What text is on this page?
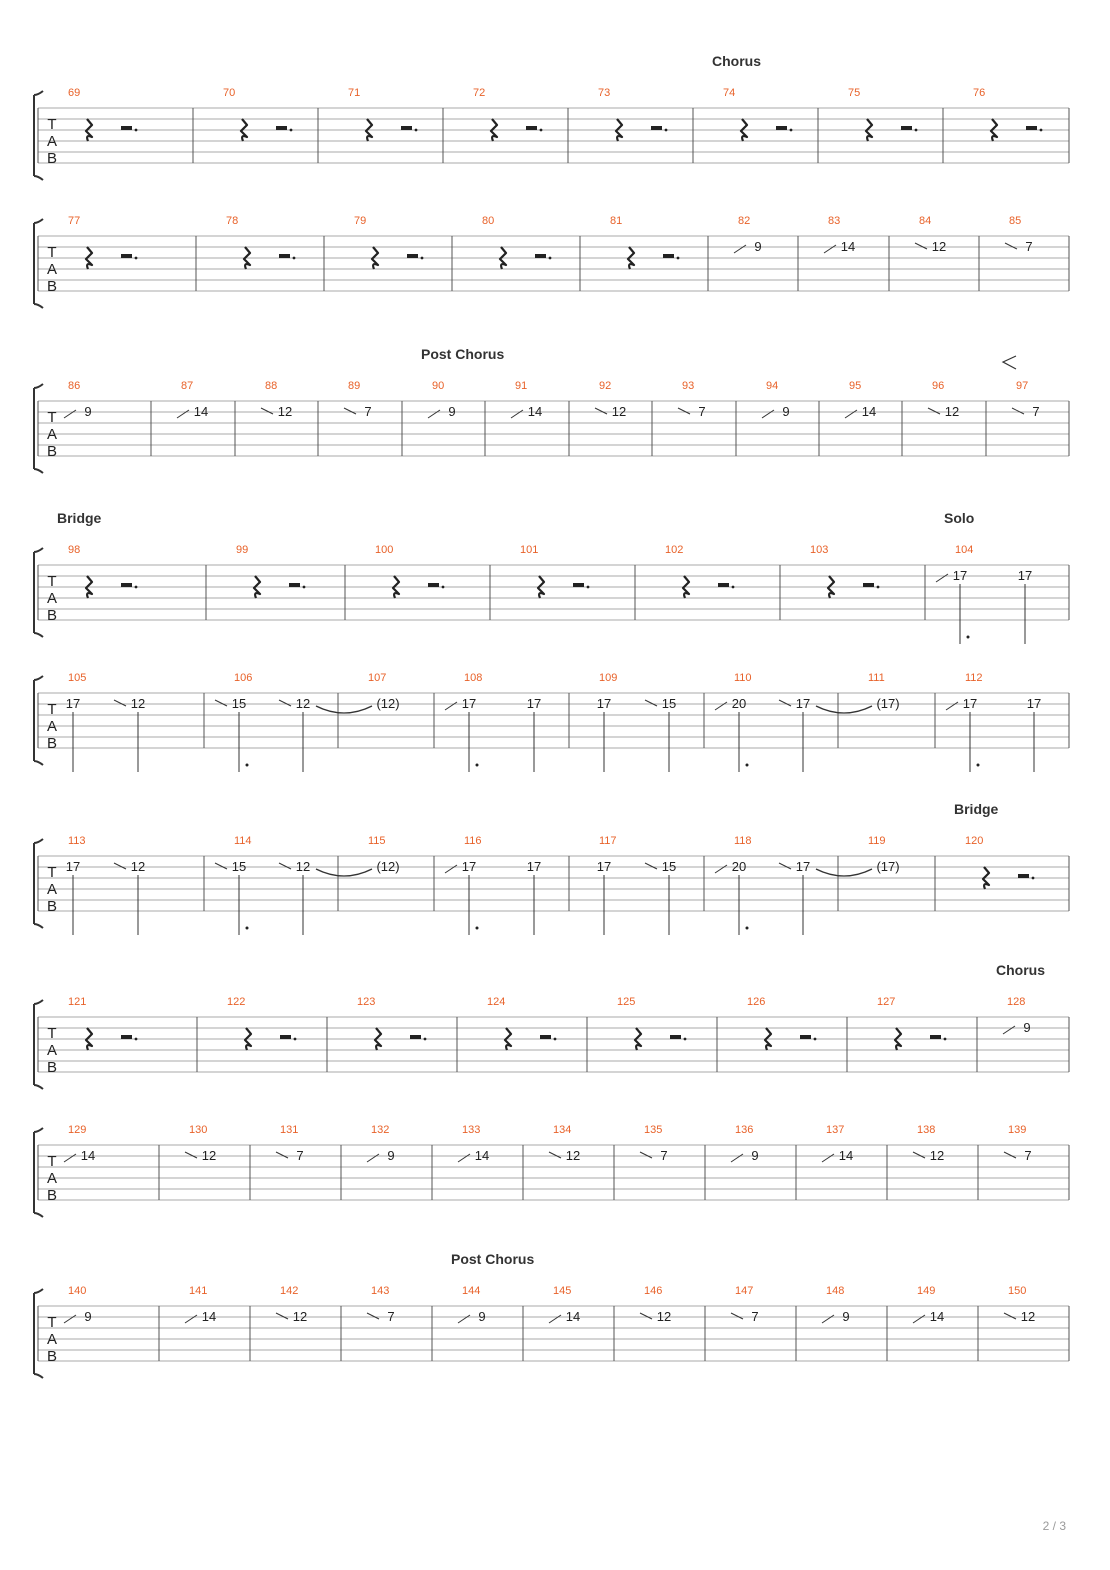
T
A
B
69	70	71	72	73	74
Chorus
75	76
T
A
B
77	78	79	80	81	82
9
83
14
84
12
85
7
T
A
B
86
9
87
14
88
12
89
7
90
Post Chorus
9
91
14
92
12
93
7
94
9
95
14
96
12
97
7
T
A
B
98
Bridge
99	100	101	102	103	104
Solo
17	17
T
A
B
105
17	12
106
15	12
107
(12)
108
17	17
109
17	15
110
20	17
111
(17)
112
17	17
T
A
B
113
17	12
114
15	12
115
(12)
116
17	17
117
17	15
118
20	17
119
(17)
120
Bridge
T
A
B
121	122	123	124	125	126	127	128
Chorus
9
T
A
B
129
14
130
12
131
7
132
9
133
14
134
12
135
7
136
9
137
14
138
12
139
7
T
A
B
140
9
141
14
142
12
143
7
144
Post Chorus
9
145
14
146
12
147
7
148
9
149
14
150
12
2 / 3
